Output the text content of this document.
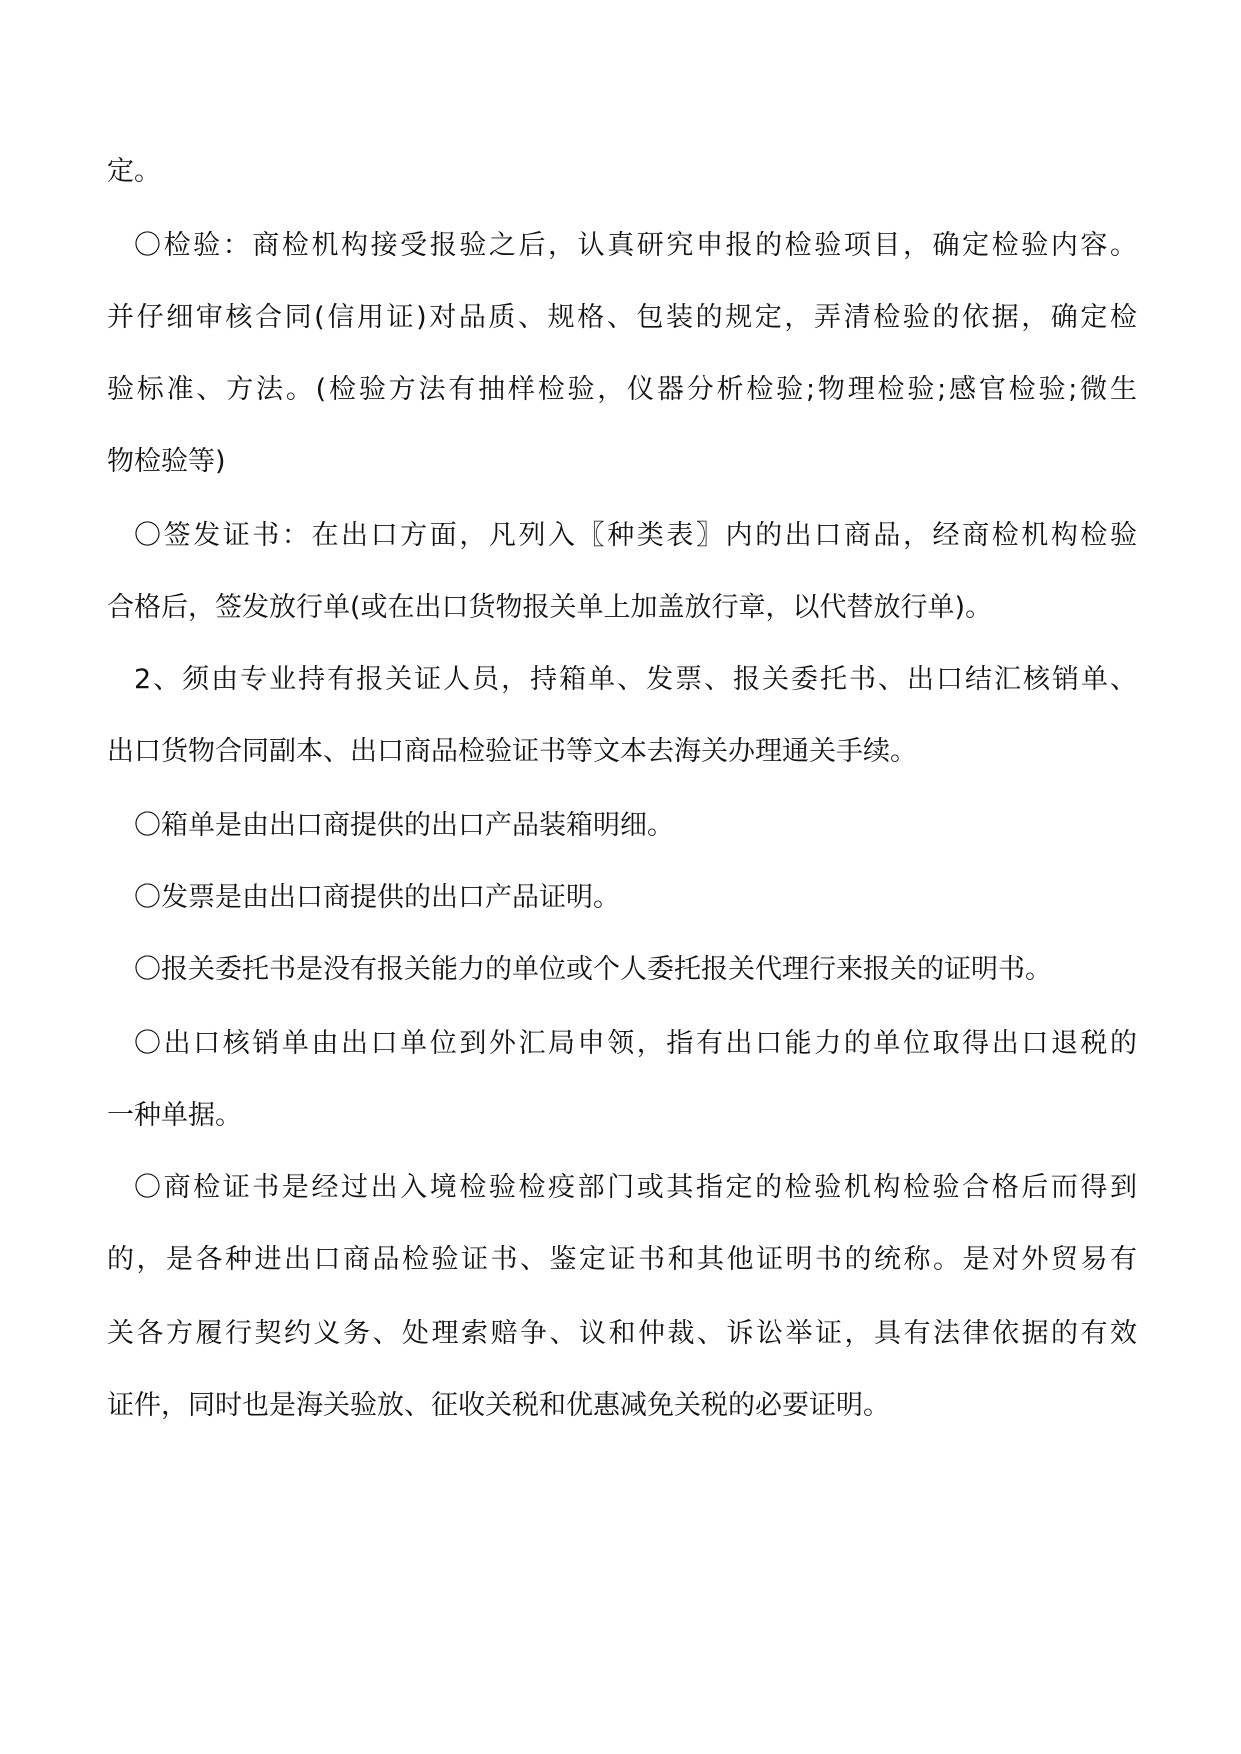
定。
〇检验：商检机构接受报验之后，认真研究申报的检验项目，确定检验内容。
并仔细审核合同(信用证)对品质、规格、包装的规定，弄清检验的依据，确定检
验标准、方法。(检验方法有抽样检验，仪器分析检验;物理检验;感官检验;微生
物检验等)
〇签发证书：在出口方面，凡列入〖种类表〗内的出口商品，经商检机构检验
合格后，签发放行单(或在出口货物报关单上加盖放行章，以代替放行单)。
2、须由专业持有报关证人员，持箱单、发票、报关委托书、出口结汇核销单、
出口货物合同副本、出口商品检验证书等文本去海关办理通关手续。
〇箱单是由出口商提供的出口产品装箱明细。
〇发票是由出口商提供的出口产品证明。
〇报关委托书是没有报关能力的单位或个人委托报关代理行来报关的证明书。
〇出口核销单由出口单位到外汇局申领，指有出口能力的单位取得出口退税的
一种单据。
〇商检证书是经过出入境检验检疫部门或其指定的检验机构检验合格后而得到
的，是各种进出口商品检验证书、鉴定证书和其他证明书的统称。是对外贸易有
关各方履行契约义务、处理索赔争、议和仲裁、诉讼举证，具有法律依据的有效
证件，同时也是海关验放、征收关税和优惠减免关税的必要证明。
